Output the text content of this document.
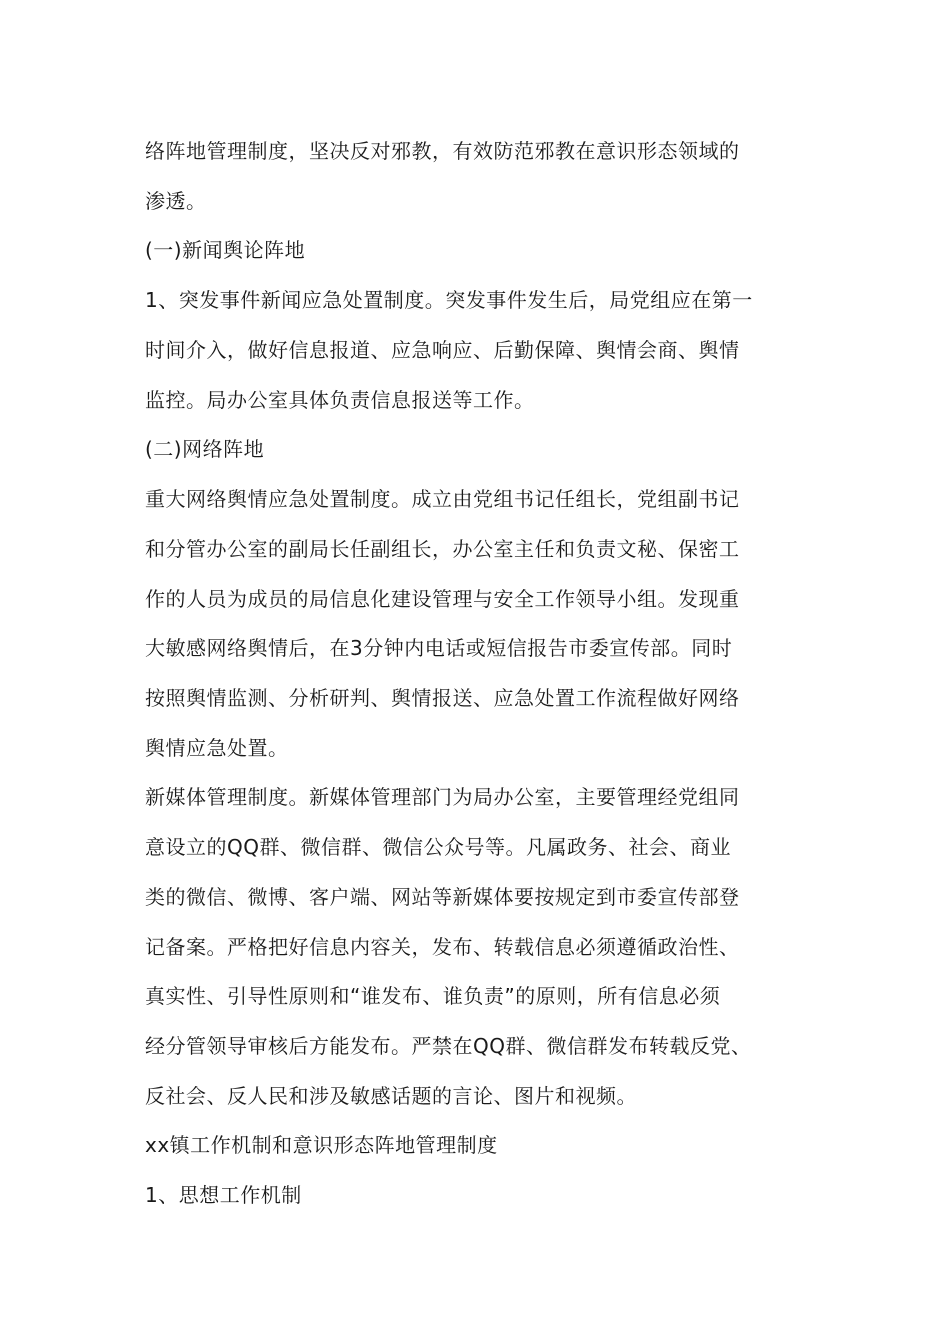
络阵地管理制度，坚决反对邪教，有效防范邪教在意识形态领域的
渗透。
(一)新闻舆论阵地
1、突发事件新闻应急处置制度。突发事件发生后，局党组应在第一
时间介入，做好信息报道、应急响应、后勤保障、舆情会商、舆情
监控。局办公室具体负责信息报送等工作。
(二)网络阵地
重大网络舆情应急处置制度。成立由党组书记任组长，党组副书记
和分管办公室的副局长任副组长，办公室主任和负责文秘、保密工
作的人员为成员的局信息化建设管理与安全工作领导小组。发现重
大敏感网络舆情后，在3分钟内电话或短信报告市委宣传部。同时
按照舆情监测、分析研判、舆情报送、应急处置工作流程做好网络
舆情应急处置。
新媒体管理制度。新媒体管理部门为局办公室，主要管理经党组同
意设立的QQ群、微信群、微信公众号等。凡属政务、社会、商业
类的微信、微博、客户端、网站等新媒体要按规定到市委宣传部登
记备案。严格把好信息内容关，发布、转载信息必须遵循政治性、
真实性、引导性原则和“谁发布、谁负责”的原则，所有信息必须
经分管领导审核后方能发布。严禁在QQ群、微信群发布转载反党、
反社会、反人民和涉及敏感话题的言论、图片和视频。
xx镇工作机制和意识形态阵地管理制度
1、思想工作机制
